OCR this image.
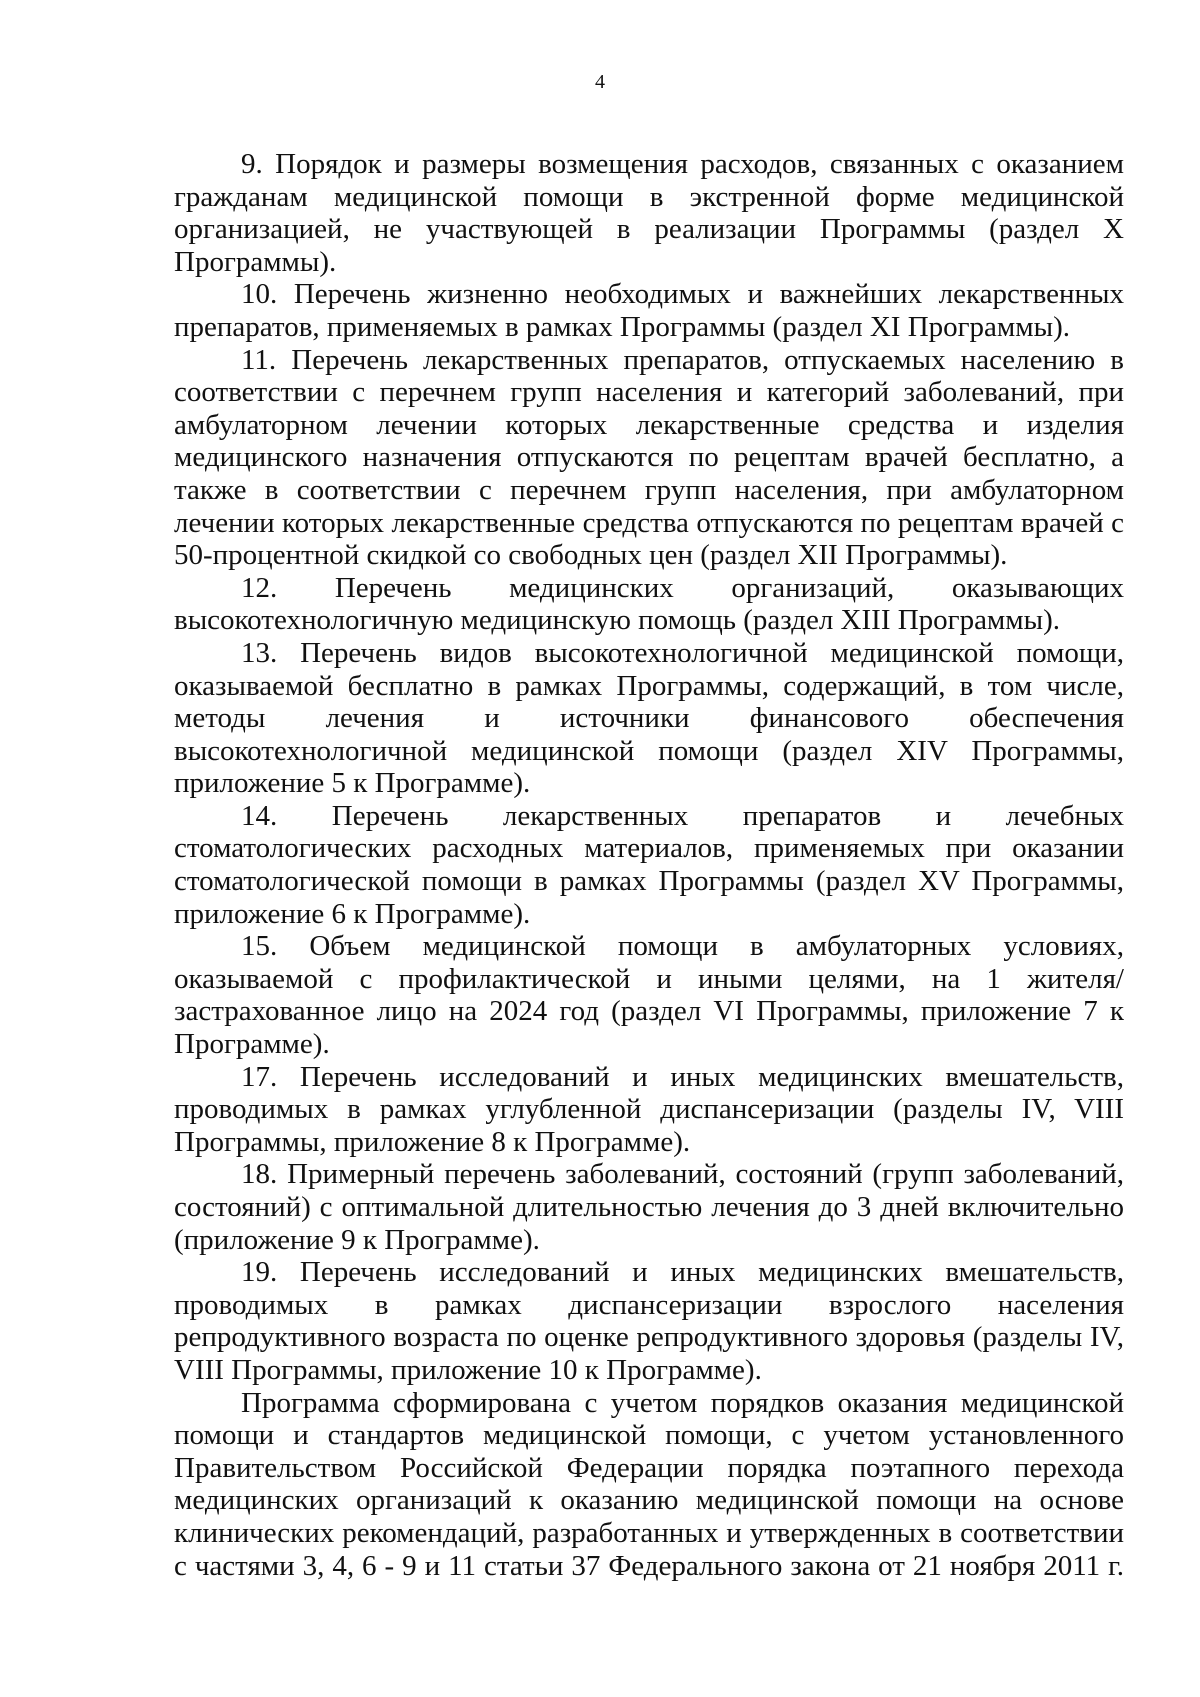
4

9. Порядок и размеры возмещения расходов, связанных с оказанием гражданам медицинской помощи в экстренной форме медицинской организацией, не участвующей в реализации Программы (раздел X Программы).

10. Перечень жизненно необходимых и важнейших лекарственных препаратов, применяемых в рамках Программы (раздел XI Программы).

11. Перечень лекарственных препаратов, отпускаемых населению в соответствии с перечнем групп населения и категорий заболеваний, при амбулаторном лечении которых лекарственные средства и изделия медицинского назначения отпускаются по рецептам врачей бесплатно, а также в соответствии с перечнем групп населения, при амбулаторном лечении которых лекарственные средства отпускаются по рецептам врачей с 50-процентной скидкой со свободных цен (раздел XII Программы).

12. Перечень медицинских организаций, оказывающих высокотехнологичную медицинскую помощь (раздел XIII Программы).

13. Перечень видов высокотехнологичной медицинской помощи, оказываемой бесплатно в рамках Программы, содержащий, в том числе, методы лечения и источники финансового обеспечения высокотехнологичной медицинской помощи (раздел XIV Программы, приложение 5 к Программе).

14. Перечень лекарственных препаратов и лечебных стоматологических расходных материалов, применяемых при оказании стоматологической помощи в рамках Программы (раздел XV Программы, приложение 6 к Программе).

15. Объем медицинской помощи в амбулаторных условиях, оказываемой с профилактической и иными целями, на 1 жителя/застрахованное лицо на 2024 год (раздел VI Программы, приложение 7 к Программе).

17. Перечень исследований и иных медицинских вмешательств, проводимых в рамках углубленной диспансеризации (разделы IV, VIII Программы, приложение 8 к Программе).

18. Примерный перечень заболеваний, состояний (групп заболеваний, состояний) с оптимальной длительностью лечения до 3 дней включительно (приложение 9 к Программе).

19. Перечень исследований и иных медицинских вмешательств, проводимых в рамках диспансеризации взрослого населения репродуктивного возраста по оценке репродуктивного здоровья (разделы IV, VIII Программы, приложение 10 к Программе).

Программа сформирована с учетом порядков оказания медицинской помощи и стандартов медицинской помощи, с учетом установленного Правительством Российской Федерации порядка поэтапного перехода медицинских организаций к оказанию медицинской помощи на основе клинических рекомендаций, разработанных и утвержденных в соответствии с частями 3, 4, 6 - 9 и 11 статьи 37 Федерального закона от 21 ноября 2011 г.
